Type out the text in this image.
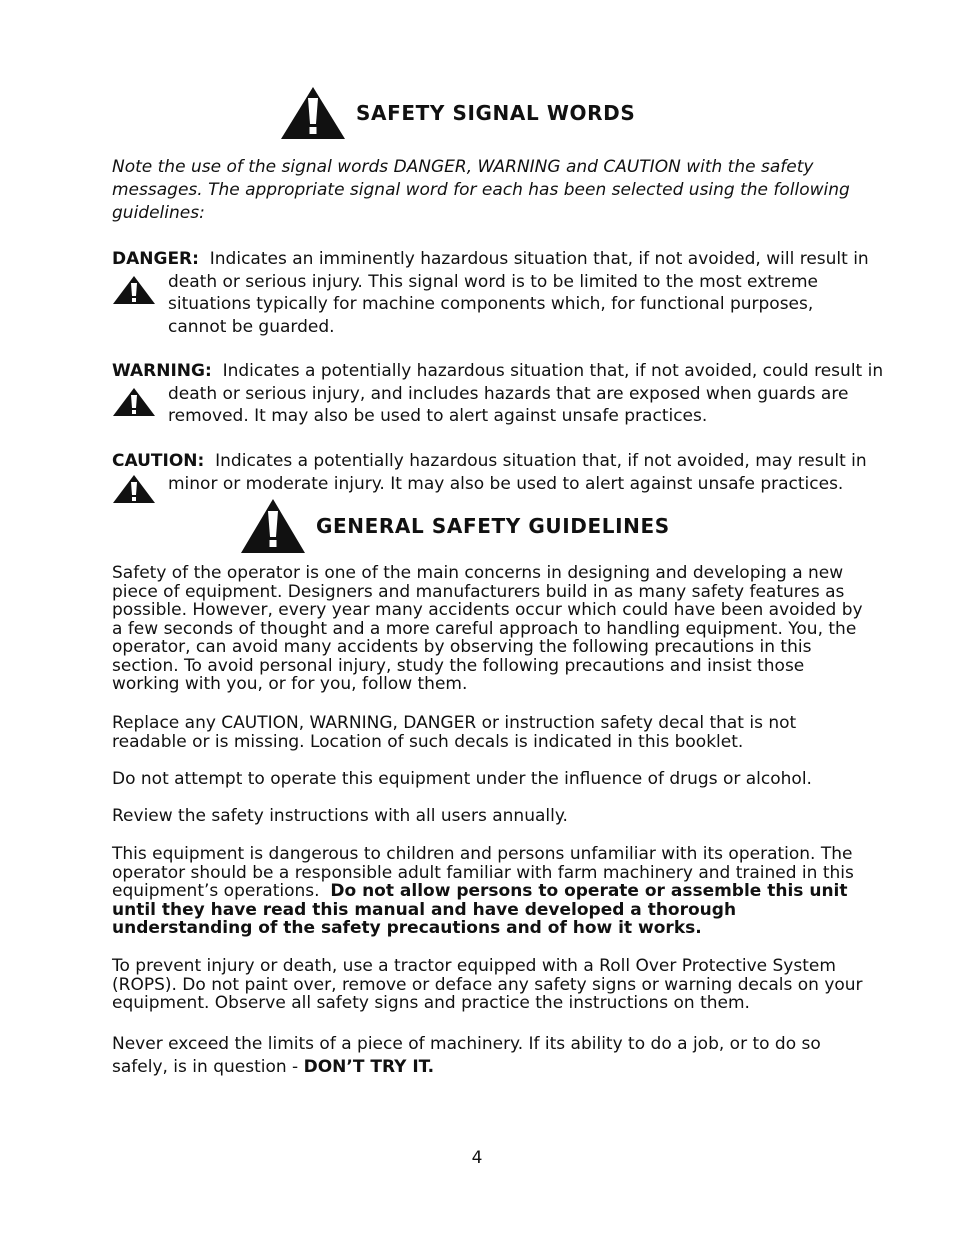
SAFETY SIGNAL WORDS
Note the use of the signal words DANGER, WARNING and CAUTION with the safety messages. The appropriate signal word for each has been selected using the following guidelines:
DANGER: Indicates an imminently hazardous situation that, if not avoided, will result in
death or serious injury. This signal word is to be limited to the most extreme situations typically for machine components which, for functional purposes, cannot be guarded.
WARNING: Indicates a potentially hazardous situation that, if not avoided, could result in
death or serious injury, and includes hazards that are exposed when guards are removed. It may also be used to alert against unsafe practices.
CAUTION: Indicates a potentially hazardous situation that, if not avoided, may result in
minor or moderate injury. It may also be used to alert against unsafe practices.
GENERAL SAFETY GUIDELINES

Safety of the operator is one of the main concerns in designing and developing a new piece of equipment. Designers and manufacturers build in as many safety features as possible. However, every year many accidents occur which could have been avoided by a few seconds of thought and a more careful approach to handling equipment. You, the operator, can avoid many accidents by observing the following precautions in this section. To avoid personal injury, study the following precautions and insist those working with you, or for you, follow them.

Replace any CAUTION, WARNING, DANGER or instruction safety decal that is not readable or is missing. Location of such decals is indicated in this booklet.

Do not attempt to operate this equipment under the influence of drugs or alcohol.

Review the safety instructions with all users annually.

This equipment is dangerous to children and persons unfamiliar with its operation. The operator should be a responsible adult familiar with farm machinery and trained in this equipment’s operations. Do not allow persons to operate or assemble this unit until they have read this manual and have developed a thorough understanding of the safety precautions and of how it works.

To prevent injury or death, use a tractor equipped with a Roll Over Protective System (ROPS). Do not paint over, remove or deface any safety signs or warning decals on your equipment. Observe all safety signs and practice the instructions on them.

Never exceed the limits of a piece of machinery. If its ability to do a job, or to do so safely, is in question - DON’T TRY IT.

4
